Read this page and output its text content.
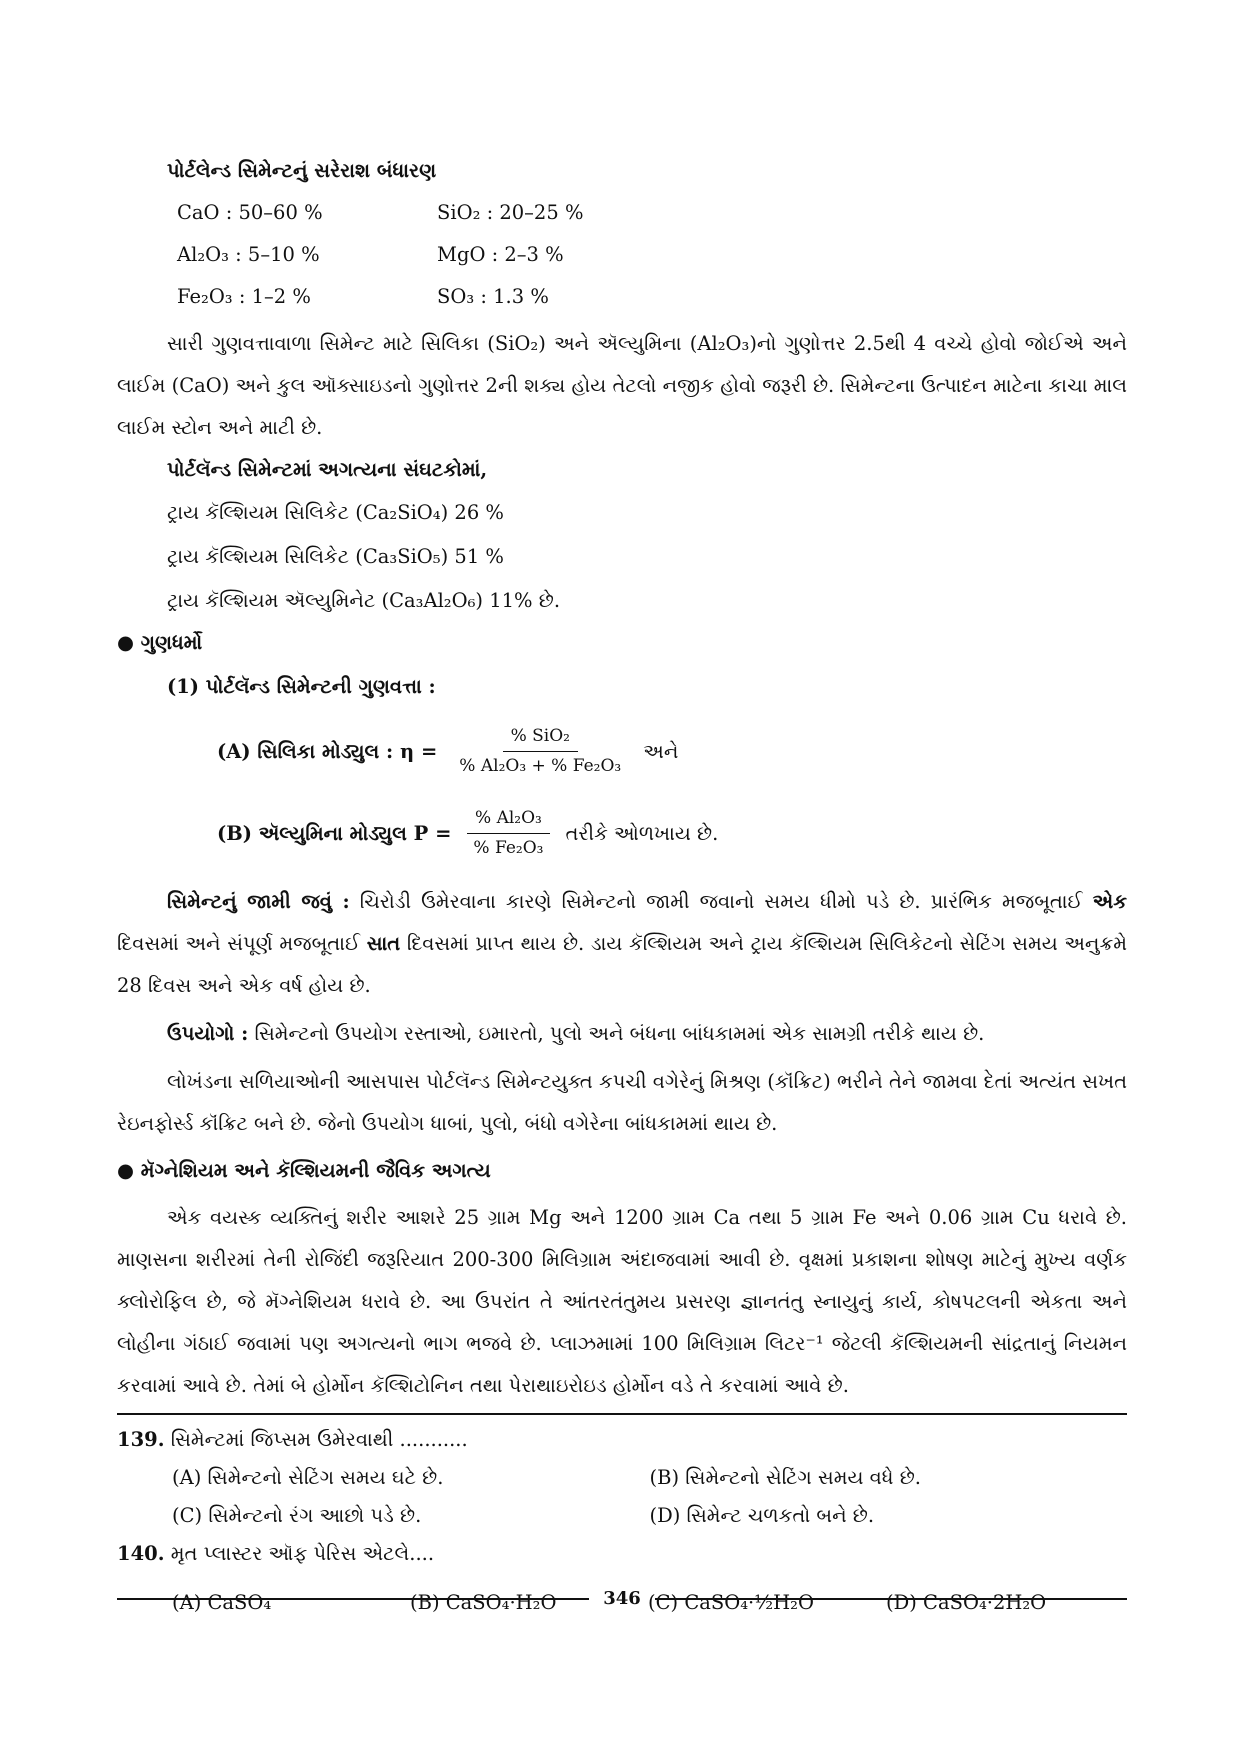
પોર્ટલેન્ડ સિમેન્ટનું સરેરાશ બંધારણ
CaO : 50–60 %	SiO₂ : 20–25 %
Al₂O₃ : 5–10 %	MgO : 2–3 %
Fe₂O₃ : 1–2 %	SO₃ : 1.3 %

સારી ગુણવત્તાવાળા સિમેન્ટ માટે સિલિકા (SiO₂) અને ઍલ્યુમિના (Al₂O₃)નો ગુણોત્તર 2.5થી 4 વચ્ચે હોવો જોઈએ અને લાઈમ (CaO) અને કુલ ઑક્સાઇડનો ગુણોત્તર 2ની શક્ય હોય તેટલો નજીક હોવો જરૂરી છે. સિમેન્ટના ઉત્પાદન માટેના કાચા માલ લાઈમ સ્ટોન અને માટી છે.

પોર્ટલૅન્ડ સિમેન્ટમાં અગત્યના સંઘટકોમાં,
ટ્રાય કૅલ્શિયમ સિલિકેટ (Ca₂SiO₄) 26 %
ટ્રાય કૅલ્શિયમ સિલિકેટ (Ca₃SiO₅) 51 %
ટ્રાય કૅલ્શિયમ ઍલ્યુમિનેટ (Ca₃Al₂O₆) 11% છે.
● ગુણધર્મો
(1) પોર્ટલૅન્ડ સિમેન્ટની ગુણવત્તા :
(A) સિલિકા મોડ્યુલ : $\eta = \frac{\text{\% SiO₂}}{\text{\% Al₂O₃ + \% Fe₂O₃}}$ અને
(B) ઍલ્યુમિના મોડ્યુલ $P = \frac{\text{\% Al₂O₃}}{\text{\% Fe₂O₃}}$ તરીકે ઓળખાય છે.

સિમેન્ટનું જામી જવું : ચિરોડી ઉમેરવાના કારણે સિમેન્ટનો જામી જવાનો સમય ધીમો પડે છે. પ્રારંભિક મજબૂતાઈ એક દિવસમાં અને સંપૂર્ણ મજબૂતાઈ સાત દિવસમાં પ્રાપ્ત થાય છે. ડાય કૅલ્શિયમ અને ટ્રાય કૅલ્શિયમ સિલિકેટનો સેટિંગ સમય અનુક્રમે 28 દિવસ અને એક વર્ષ હોય છે.

ઉપયોગો : સિમેન્ટનો ઉપયોગ રસ્તાઓ, ઇમારતો, પુલો અને બંધના બાંધકામમાં એક સામગ્રી તરીકે થાય છે.

લોખંડના સળિયાઓની આસપાસ પોર્ટલૅન્ડ સિમેન્ટયુક્ત કપચી વગેરેનું મિશ્રણ (કૉંક્રિટ) ભરીને તેને જામવા દેતાં અત્યંત સખત રેઇનફોર્સ્ડ કૉંક્રિટ બને છે. જેનો ઉપયોગ ધાબાં, પુલો, બંધો વગેરેના બાંધકામમાં થાય છે.

● મૅગ્નેશિયમ અને કૅલ્શિયમની જૈવિક અગત્ય

એક વયસ્ક વ્યક્તિનું શરીર આશરે 25 ગ્રામ Mg અને 1200 ગ્રામ Ca તથા 5 ગ્રામ Fe અને 0.06 ગ્રામ Cu ધરાવે છે. માણસના શરીરમાં તેની રોજિંદી જરૂરિયાત 200-300 મિલિગ્રામ અંદાજવામાં આવી છે. વૃક્ષમાં પ્રકાશના શોષણ માટેનું મુખ્ય વર્ણક ક્લોરોફિલ છે, જે મૅગ્નેશિયમ ધરાવે છે. આ ઉપરાંત તે આંતરતંતુમય પ્રસરણ જ્ઞાનતંતુ સ્નાયુનું કાર્ય, કોષપટલની એકતા અને લોહીના ગંઠાઈ જવામાં પણ અગત્યનો ભાગ ભજવે છે. પ્લાઝમામાં 100 મિલિગ્રામ લિટર⁻¹ જેટલી કૅલ્શિયમની સાંદ્રતાનું નિયમન કરવામાં આવે છે. તેમાં બે હોર્મોન કૅલ્શિટોનિન તથા પેરાથાઇરોઇડ હોર્મોન વડે તે કરવામાં આવે છે.

139. સિમેન્ટમાં જિપ્સમ ઉમેરવાથી ...........
(A) સિમેન્ટનો સેટિંગ સમય ઘટે છે.	(B) સિમેન્ટનો સેટિંગ સમય વધે છે.
(C) સિમેન્ટનો રંગ આછો પડે છે.	(D) સિમેન્ટ ચળકતો બને છે.
140. મૃત પ્લાસ્ટર ઑફ પેરિસ એટલે....
(A) CaSO₄	(B) CaSO₄·H₂O	(C) CaSO₄·½H₂O	(D) CaSO₄·2H₂O
346
